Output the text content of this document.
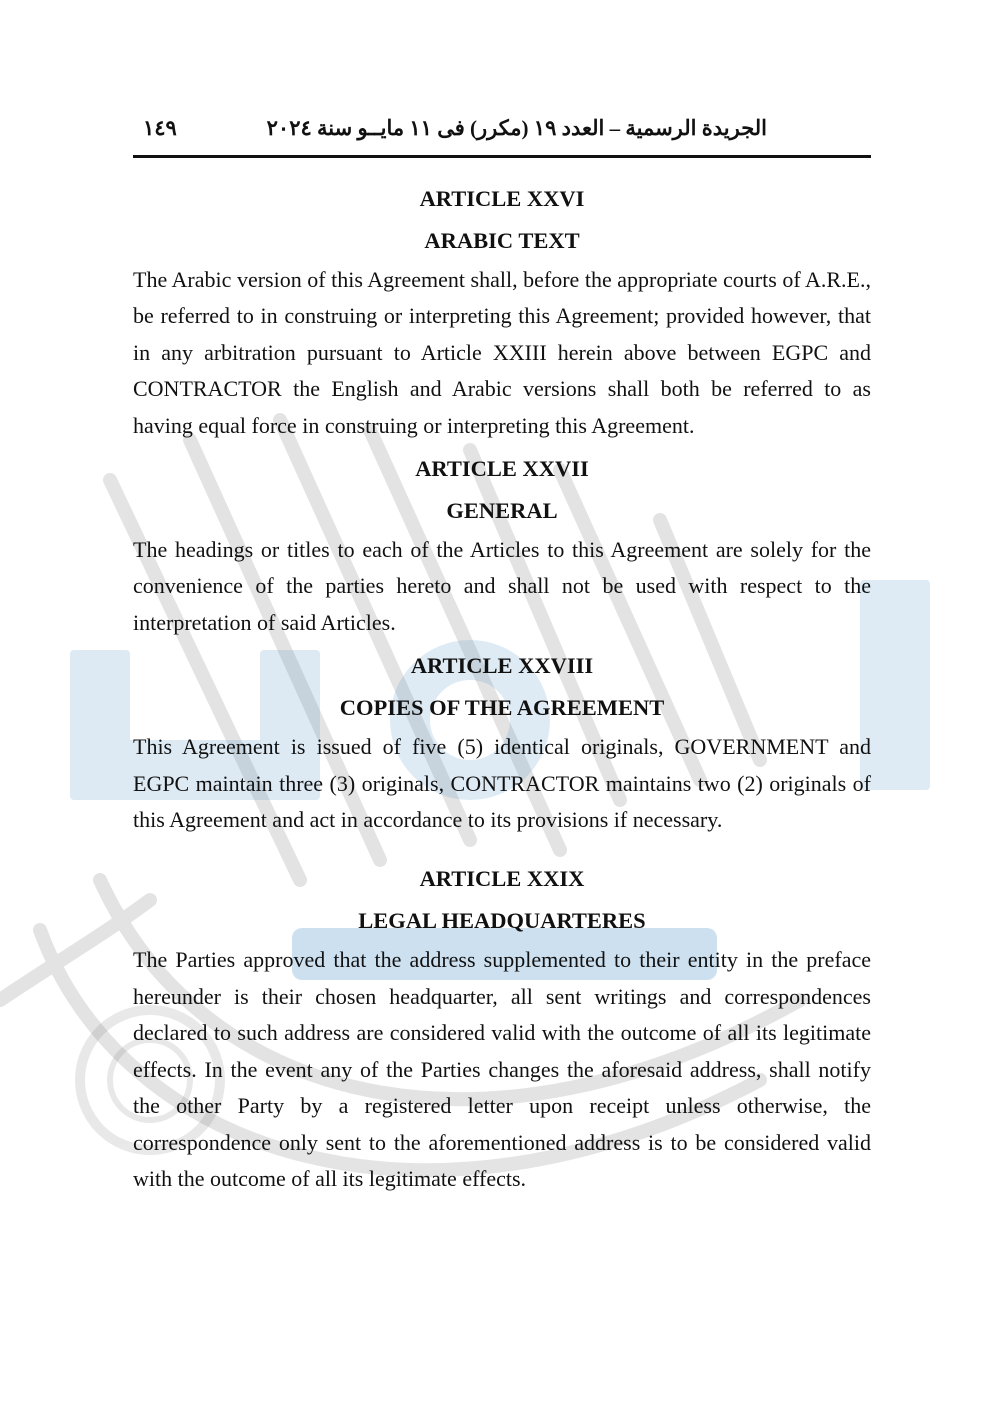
الجريدة الرسمية – العدد ١٩ (مكرر) فى ١١ مايــو سنة ٢٠٢٤
١٤٩
ARTICLE XXVI
ARABIC TEXT

The Arabic version of this Agreement shall, before the appropriate courts of A.R.E., be referred to in construing or interpreting this Agreement; provided however, that in any arbitration pursuant to Article XXIII herein above between EGPC and CONTRACTOR the English and Arabic versions shall both be referred to as having equal force in construing or interpreting this Agreement.

ARTICLE XXVII
GENERAL

The headings or titles to each of the Articles to this Agreement are solely for the convenience of the parties hereto and shall not be used with respect to the interpretation of said Articles.

ARTICLE XXVIII
COPIES OF THE AGREEMENT

This Agreement is issued of five (5) identical originals, GOVERNMENT and EGPC maintain three (3) originals, CONTRACTOR maintains two (2) originals of this Agreement and act in accordance to its provisions if necessary.

ARTICLE XXIX
LEGAL HEADQUARTERES

The Parties approved that the address supplemented to their entity in the preface hereunder is their chosen headquarter, all sent writings and correspondences declared to such address are considered valid with the outcome of all its legitimate effects. In the event any of the Parties changes the aforesaid address, shall notify the other Party by a registered letter upon receipt unless otherwise, the correspondence only sent to the aforementioned address is to be considered valid with the outcome of all its legitimate effects.
